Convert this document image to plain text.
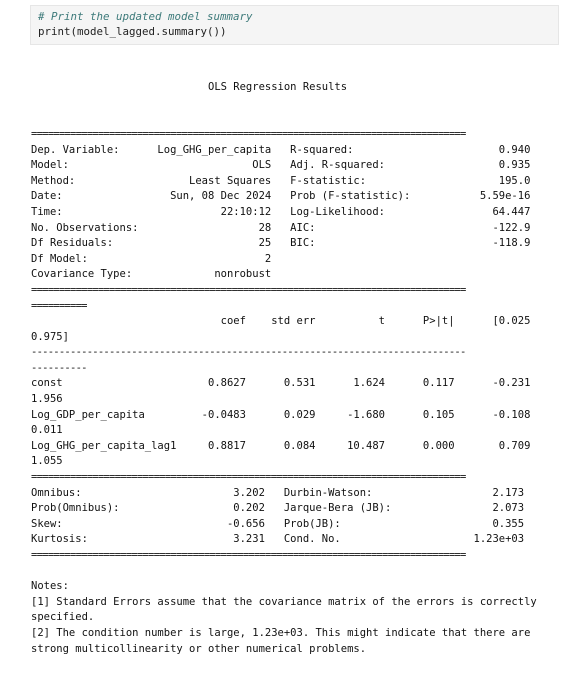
# Print the updated model summary
print(model_lagged.summary())

OLS Regression Results

==============================================================================
Dep. Variable:      Log_GHG_per_capita   R-squared:                       0.940
Model:                             OLS   Adj. R-squared:                  0.935
Method:                  Least Squares   F-statistic:                     195.0
Date:                 Sun, 08 Dec 2024   Prob (F-statistic):           5.59e-16
Time:                         22:10:12   Log-Likelihood:                 64.447
No. Observations:                   28   AIC:                            -122.9
Df Residuals:                       25   BIC:                            -118.9
Df Model:                            2
Covariance Type:             nonrobust
==============================================================================
==========
coef    std err          t      P>|t|      [0.025
0.975]
------------------------------------------------------------------------------
----------
const                       0.8627      0.531      1.624      0.117      -0.231
1.956
Log_GDP_per_capita         -0.0483      0.029     -1.680      0.105      -0.108
0.011
Log_GHG_per_capita_lag1     0.8817      0.084     10.487      0.000       0.709
1.055
==============================================================================
Omnibus:                        3.202   Durbin-Watson:                   2.173
Prob(Omnibus):                  0.202   Jarque-Bera (JB):                2.073
Skew:                          -0.656   Prob(JB):                        0.355
Kurtosis:                       3.231   Cond. No.                     1.23e+03
==============================================================================
Notes:
[1] Standard Errors assume that the covariance matrix of the errors is correctly
specified.
[2] The condition number is large, 1.23e+03. This might indicate that there are
strong multicollinearity or other numerical problems.
